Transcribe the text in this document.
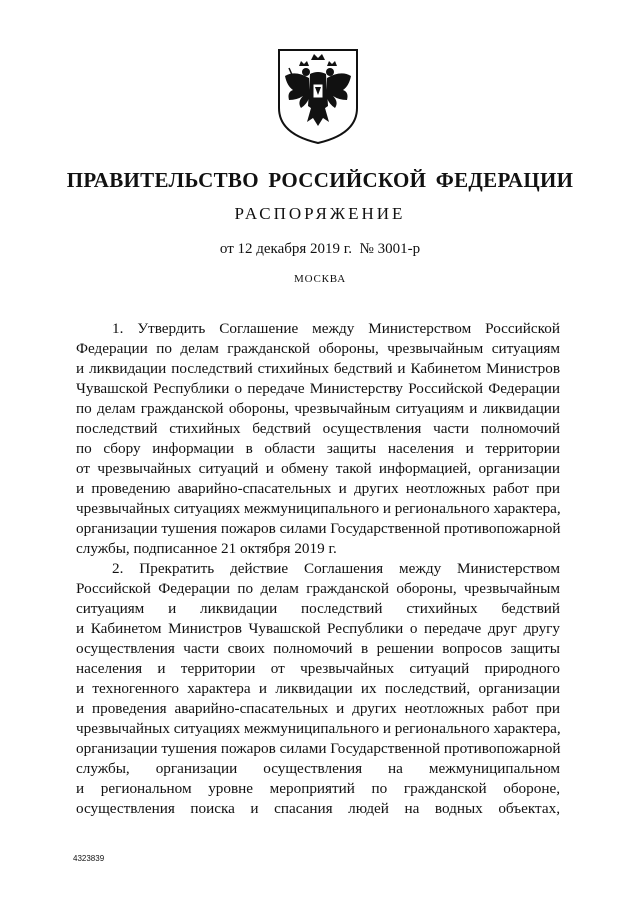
ПРАВИТЕЛЬСТВО РОССИЙСКОЙ ФЕДЕРАЦИИ
РАСПОРЯЖЕНИЕ
от 12 декабря 2019 г.  № 3001-р
МОСКВА
1. Утвердить Соглашение между Министерством Российской
Федерации по делам гражданской обороны, чрезвычайным ситуациям
и ликвидации последствий стихийных бедствий и Кабинетом Министров
Чувашской Республики о передаче Министерству Российской Федерации
по делам гражданской обороны, чрезвычайным ситуациям и ликвидации
последствий стихийных бедствий осуществления части полномочий
по сбору информации в области защиты населения и территории
от чрезвычайных ситуаций и обмену такой информацией, организации
и проведению аварийно-спасательных и других неотложных работ при
чрезвычайных ситуациях межмуниципального и регионального характера,
организации тушения пожаров силами Государственной противопожарной
службы, подписанное 21 октября 2019 г.
2. Прекратить действие Соглашения между Министерством
Российской Федерации по делам гражданской обороны, чрезвычайным
ситуациям и ликвидации последствий стихийных бедствий
и Кабинетом Министров Чувашской Республики о передаче друг другу
осуществления части своих полномочий в решении вопросов защиты
населения и территории от чрезвычайных ситуаций природного
и техногенного характера и ликвидации их последствий, организации
и проведения аварийно-спасательных и других неотложных работ при
чрезвычайных ситуациях межмуниципального и регионального характера,
организации тушения пожаров силами Государственной противопожарной
службы, организации осуществления на межмуниципальном
и региональном уровне мероприятий по гражданской обороне,
осуществления поиска и спасания людей на водных объектах,
4323839
